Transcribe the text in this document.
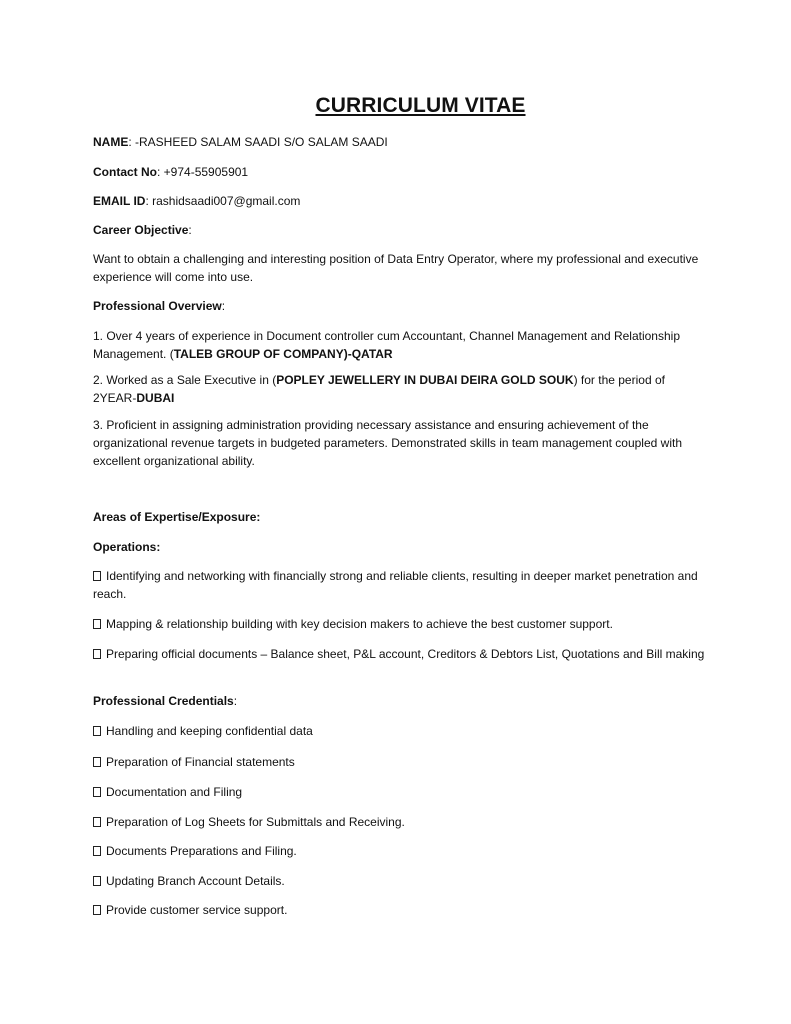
CURRICULUM VITAE
NAME: -RASHEED SALAM SAADI S/O SALAM SAADI
Contact No: +974-55905901
EMAIL ID: rashidsaadi007@gmail.com
Career Objective:
Want to obtain a challenging and interesting position of Data Entry Operator, where my professional and executive experience will come into use.
Professional Overview:
1. Over 4 years of experience in Document controller cum Accountant, Channel Management and Relationship Management. (TALEB GROUP OF COMPANY)-QATAR
2. Worked as a Sale Executive in (POPLEY JEWELLERY IN DUBAI DEIRA GOLD SOUK) for the period of 2YEAR-DUBAI
3. Proficient in assigning administration providing necessary assistance and ensuring achievement of the organizational revenue targets in budgeted parameters. Demonstrated skills in team management coupled with excellent organizational ability.
Areas of Expertise/Exposure:
Operations:
Identifying and networking with financially strong and reliable clients, resulting in deeper market penetration and reach.
Mapping & relationship building with key decision makers to achieve the best customer support.
Preparing official documents – Balance sheet, P&L account, Creditors & Debtors List, Quotations and Bill making
Professional Credentials:
Handling and keeping confidential data
Preparation of Financial statements
Documentation and Filing
Preparation of Log Sheets for Submittals and Receiving.
Documents Preparations and Filing.
Updating Branch Account Details.
Provide customer service support.
